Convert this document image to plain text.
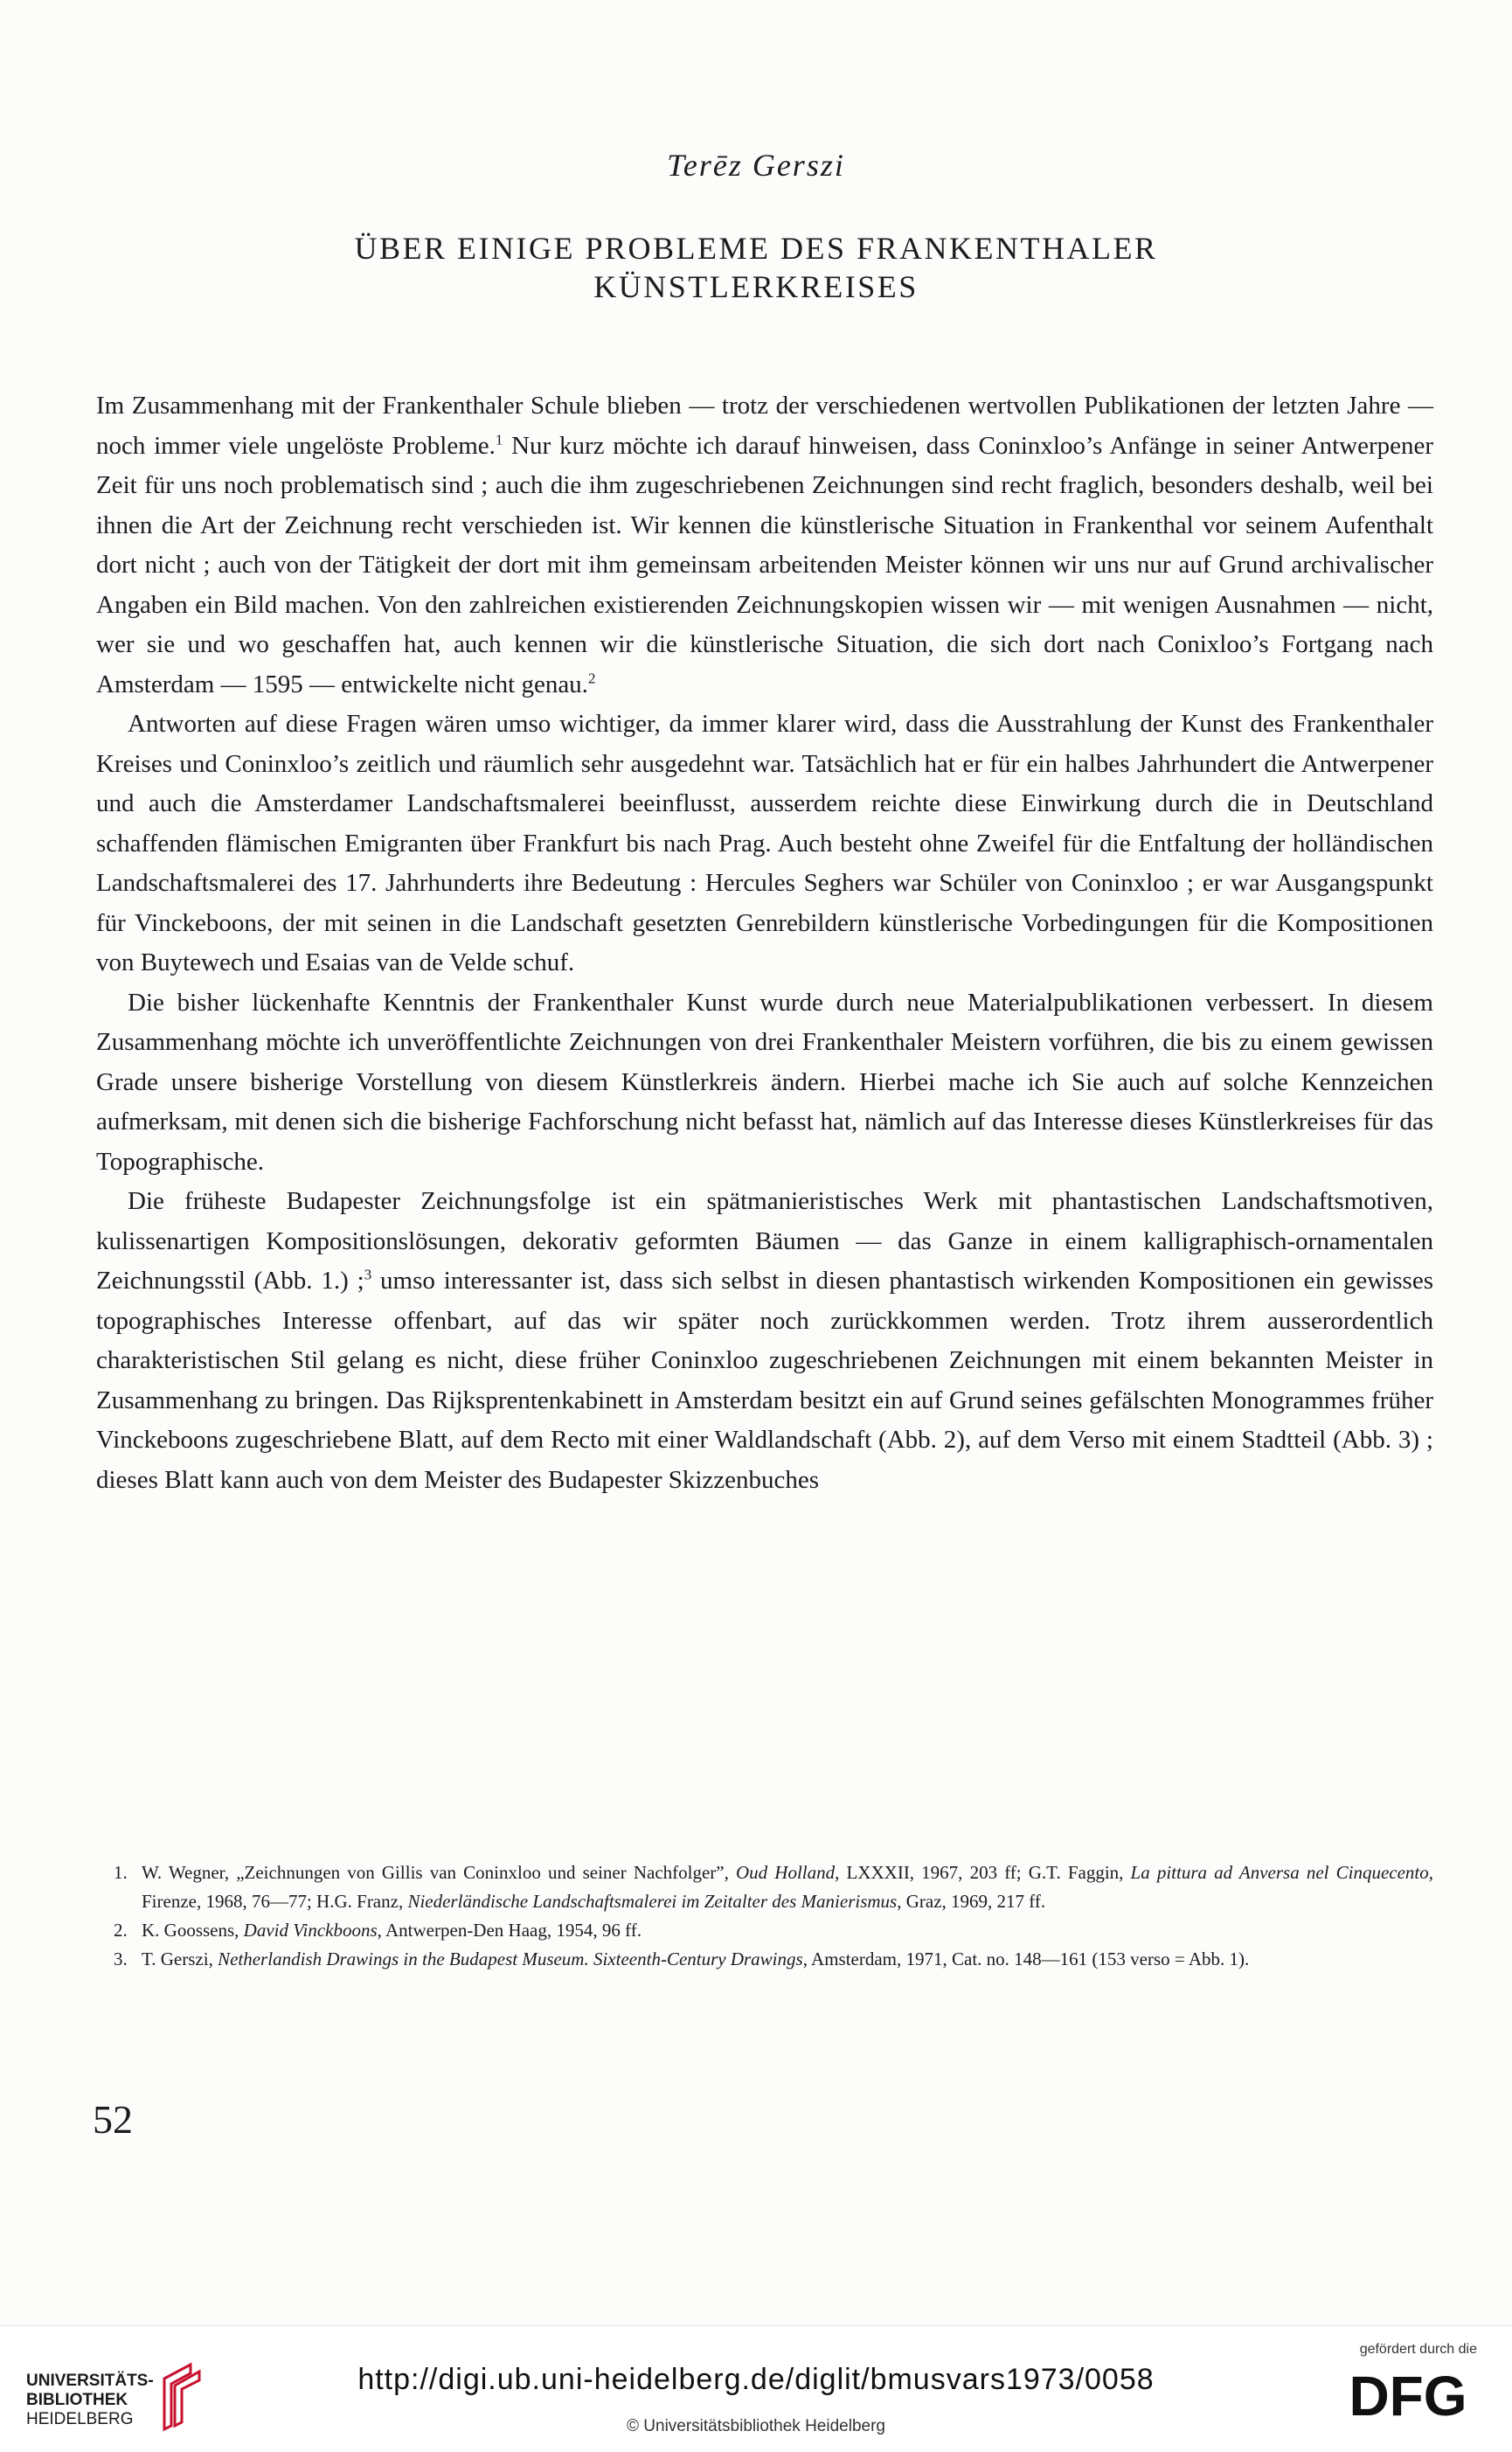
Terēz Gerszi
ÜBER EINIGE PROBLEME DES FRANKENTHALER
KÜNSTLERKREISES

Im Zusammenhang mit der Frankenthaler Schule blieben — trotz der verschiedenen wertvollen Publikationen der letzten Jahre — noch immer viele ungelöste Probleme.$^1$ Nur kurz möchte ich darauf hinweisen, dass Coninxloo’s Anfänge in seiner Antwerpener Zeit für uns noch problematisch sind ; auch die ihm zugeschriebenen Zeichnungen sind recht fraglich, besonders deshalb, weil bei ihnen die Art der Zeichnung recht verschieden ist. Wir kennen die künstlerische Situation in Frankenthal vor seinem Aufenthalt dort nicht ; auch von der Tätigkeit der dort mit ihm gemeinsam arbeitenden Meister können wir uns nur auf Grund archivalischer Angaben ein Bild machen. Von den zahlreichen existierenden Zeichnungskopien wissen wir — mit wenigen Ausnahmen — nicht, wer sie und wo geschaffen hat, auch kennen wir die künstlerische Situation, die sich dort nach Conixloo’s Fortgang nach Amsterdam — 1595 — entwickelte nicht genau.$^2$

Antworten auf diese Fragen wären umso wichtiger, da immer klarer wird, dass die Ausstrahlung der Kunst des Frankenthaler Kreises und Coninxloo’s zeitlich und räumlich sehr ausgedehnt war. Tatsächlich hat er für ein halbes Jahrhundert die Antwerpener und auch die Amsterdamer Landschaftsmalerei beeinflusst, ausserdem reichte diese Einwirkung durch die in Deutschland schaffenden flämischen Emigranten über Frankfurt bis nach Prag. Auch besteht ohne Zweifel für die Entfaltung der holländischen Landschaftsmalerei des 17. Jahrhunderts ihre Bedeutung : Hercules Seghers war Schüler von Coninxloo ; er war Ausgangspunkt für Vinckeboons, der mit seinen in die Landschaft gesetzten Genrebildern künstlerische Vorbedingungen für die Kompositionen von Buytewech und Esaias van de Velde schuf.

Die bisher lückenhafte Kenntnis der Frankenthaler Kunst wurde durch neue Materialpublikationen verbessert. In diesem Zusammenhang möchte ich unveröffentlichte Zeichnungen von drei Frankenthaler Meistern vorführen, die bis zu einem gewissen Grade unsere bisherige Vorstellung von diesem Künstlerkreis ändern. Hierbei mache ich Sie auch auf solche Kennzeichen aufmerksam, mit denen sich die bisherige Fachforschung nicht befasst hat, nämlich auf das Interesse dieses Künstlerkreises für das Topographische.

Die früheste Budapester Zeichnungsfolge ist ein spätmanieristisches Werk mit phantastischen Landschaftsmotiven, kulissenartigen Kompositionslösungen, dekorativ geformten Bäumen — das Ganze in einem kalligraphisch-ornamentalen Zeichnungsstil (Abb. 1.) ;$^3$ umso interessanter ist, dass sich selbst in diesen phantastisch wirkenden Kompositionen ein gewisses topographisches Interesse offenbart, auf das wir später noch zurückkommen werden. Trotz ihrem ausserordentlich charakteristischen Stil gelang es nicht, diese früher Coninxloo zugeschriebenen Zeichnungen mit einem bekannten Meister in Zusammenhang zu bringen. Das Rijksprentenkabinett in Amsterdam besitzt ein auf Grund seines gefälschten Monogrammes früher Vinckeboons zugeschriebene Blatt, auf dem Recto mit einer Waldlandschaft (Abb. 2), auf dem Verso mit einem Stadtteil (Abb. 3) ; dieses Blatt kann auch von dem Meister des Budapester Skizzenbuches

1. W. Wegner, „Zeichnungen von Gillis van Coninxloo und seiner Nachfolger”, Oud Holland, LXXXII, 1967, 203 ff; G.T. Faggin, La pittura ad Anversa nel Cinquecento, Firenze, 1968, 76—77; H.G. Franz, Niederländische Landschaftsmalerei im Zeitalter des Manierismus, Graz, 1969, 217 ff.
2. K. Goossens, David Vinckboons, Antwerpen-Den Haag, 1954, 96 ff.
3. T. Gerszi, Netherlandish Drawings in the Budapest Museum. Sixteenth-Century Drawings, Amsterdam, 1971, Cat. no. 148—161 (153 verso = Abb. 1).
52
UNIVERSITÄTS-
BIBLIOTHEK
HEIDELBERG
http://digi.ub.uni-heidelberg.de/diglit/bmusvars1973/0058
© Universitätsbibliothek Heidelberg
gefördert durch die
DFG
